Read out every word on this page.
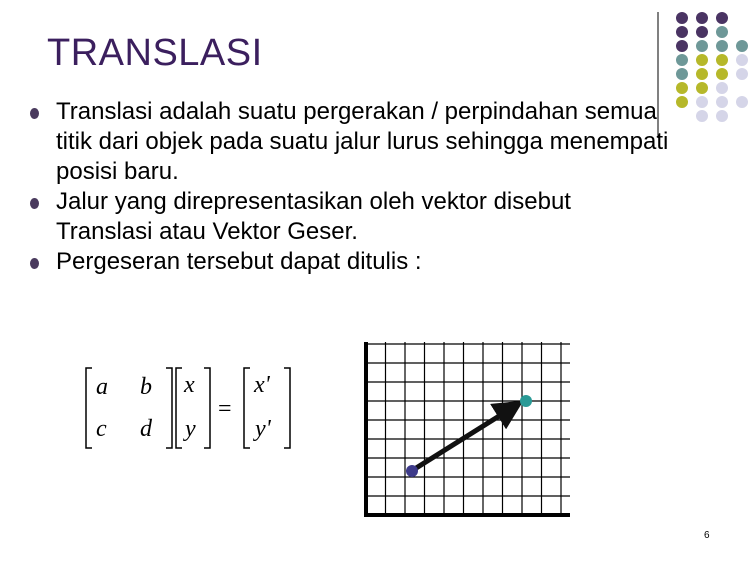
TRANSLASI
Translasi adalah suatu pergerakan / perpindahan semua titik dari objek pada suatu jalur lurus sehingga menempati posisi baru.
Jalur yang direpresentasikan oleh vektor disebut Translasi atau Vektor Geser.
Pergeseran tersebut dapat ditulis :
a b
c d
x
y
=
x'
y'
6
